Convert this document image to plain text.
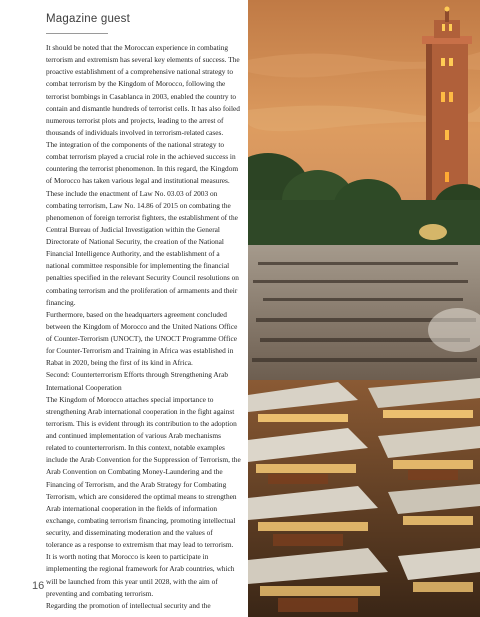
Magazine guest

It should be noted that the Moroccan experience in combating terrorism and extremism has several key elements of success. The proactive establishment of a comprehensive national strategy to combat terrorism by the Kingdom of Morocco, following the terrorist bombings in Casablanca in 2003, enabled the country to contain and dismantle hundreds of terrorist cells. It has also foiled numerous terrorist plots and projects, leading to the arrest of thousands of individuals involved in terrorism-related cases.

The integration of the components of the national strategy to combat terrorism played a crucial role in the achieved success in countering the terrorist phenomenon. In this regard, the Kingdom of Morocco has taken various legal and institutional measures. These include the enactment of Law No. 03.03 of 2003 on combating terrorism, Law No. 14.86 of 2015 on combating the phenomenon of foreign terrorist fighters, the establishment of the Central Bureau of Judicial Investigation within the General Directorate of National Security, the creation of the National Financial Intelligence Authority, and the establishment of a national committee responsible for implementing the financial penalties specified in the relevant Security Council resolutions on combating terrorism and the proliferation of armaments and their financing.

Furthermore, based on the headquarters agreement concluded between the Kingdom of Morocco and the United Nations Office of Counter-Terrorism (UNOCT), the UNOCT Programme Office for Counter-Terrorism and Training in Africa was established in Rabat in 2020, being the first of its kind in Africa.

Second: Counterterrorism Efforts through Strengthening Arab International Cooperation

The Kingdom of Morocco attaches special importance to strengthening Arab international cooperation in the fight against terrorism. This is evident through its contribution to the adoption and continued implementation of various Arab mechanisms related to counterterrorism. In this context, notable examples include the Arab Convention for the Suppression of Terrorism, the Arab Convention on Combating Money-Laundering and the Financing of Terrorism, and the Arab Strategy for Combating Terrorism, which are considered the optimal means to strengthen Arab international cooperation in the fields of information exchange, combating terrorism financing, promoting intellectual security, and disseminating moderation and the values of tolerance as a response to extremism that may lead to terrorism.

It is worth noting that Morocco is keen to participate in implementing the regional framework for Arab countries, which will be launched from this year until 2028, with the aim of preventing and combating terrorism.

Regarding the promotion of intellectual security and the

16
